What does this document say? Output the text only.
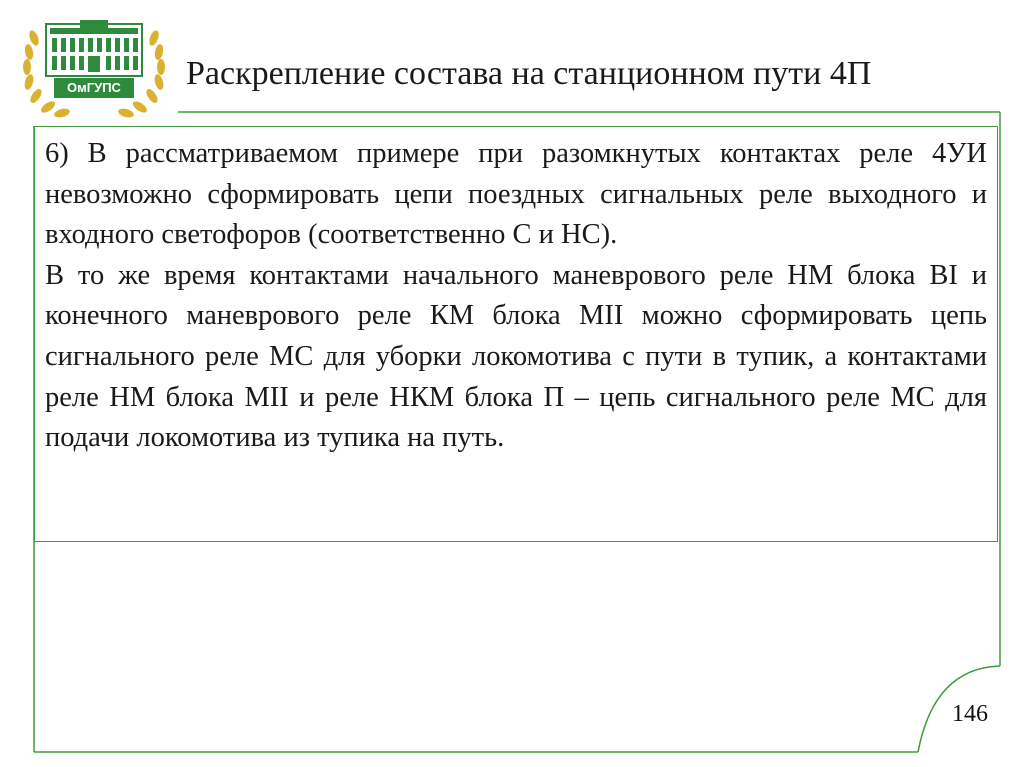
ОмГУПС	Раскрепление состава на станционном пути 4П

6) В рассматриваемом примере при разомкнутых контактах реле 4УИ невозможно сформировать цепи поездных сигнальных реле выходного и входного светофоров (соответственно С и НС).

В то же время контактами начального маневрового реле НМ блока ВI и конечного маневрового реле КМ блока МII можно сформировать цепь сигнального реле МС для уборки локомотива с пути в тупик, а контактами реле НМ блока МII и реле НКМ блока П – цепь сигнального реле МС для подачи локомотива из тупика на путь.

146
